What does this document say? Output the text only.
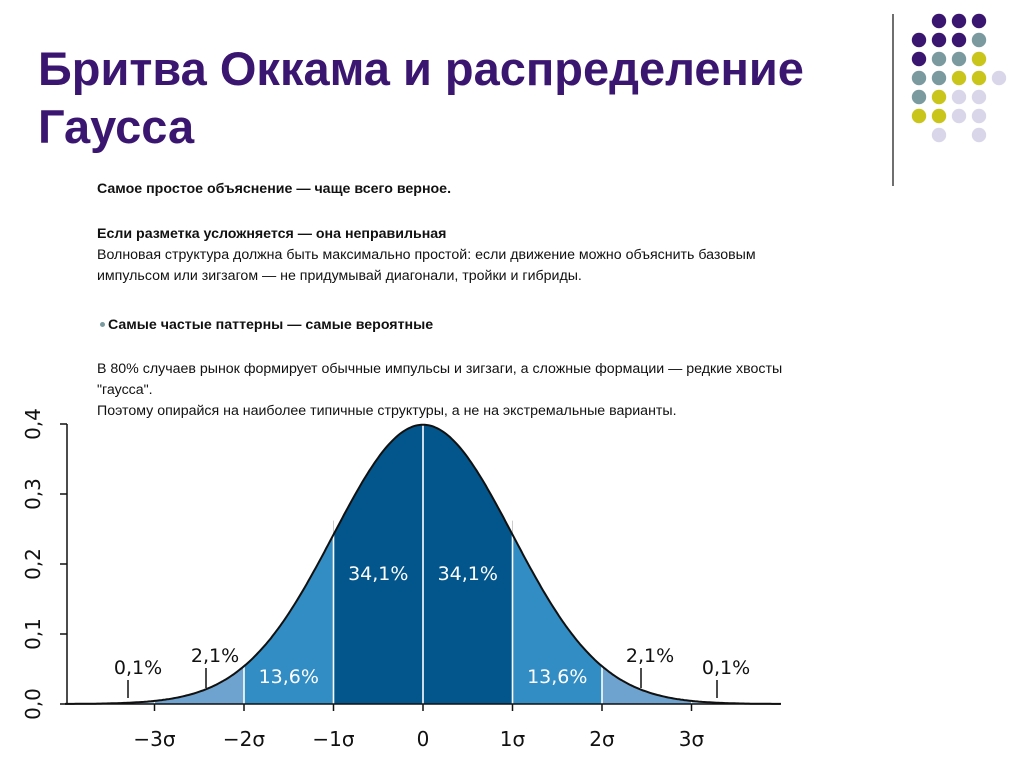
Бритва Оккама и распределение
Гаусса

Самое простое объяснение — чаще всего верное.

Если разметка усложняется — она неправильная
Волновая структура должна быть максимально простой: если движение можно объяснить базовым
импульсом или зигзагом — не придумывай диагонали, тройки и гибриды.

Самые частые паттерны — самые вероятные

В 80% случаев рынок формирует обычные импульсы и зигзаги, а сложные формации — редкие хвосты
"гаусса".
Поэтому опирайся на наиболее типичные структуры, а не на экстремальные варианты.

0,0
0,1
0,2
0,3
0,4
−3σ −2σ −1σ	0	1σ	2σ	3σ
34,1% 34,1%
13,6%	13,6%
2,1%	2,1%
0,1%	0,1%
